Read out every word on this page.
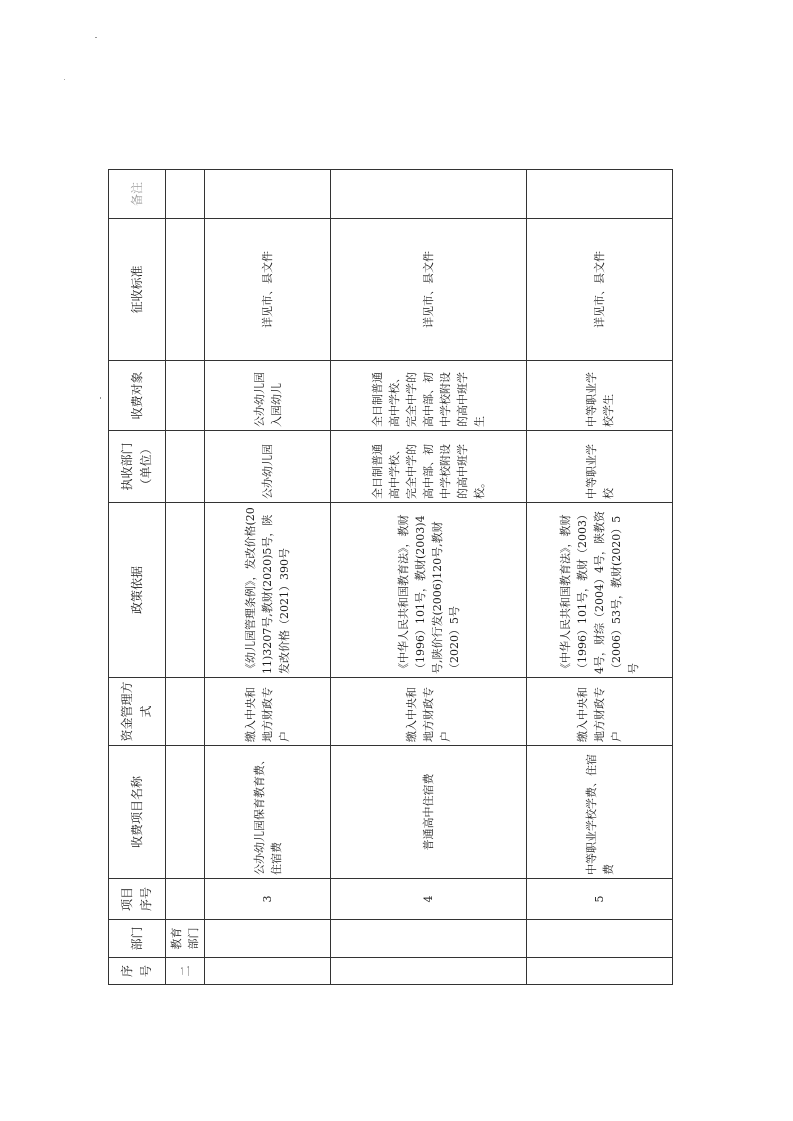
序号	部门	项目序号	收费项目名称	资金管理方式	政策依据	执收部门（单位）	收费对象	征收标准	备注
二	教育部门								
		3	公办幼儿园保育教育费、住宿费	缴入中央和地方财政专户	《幼儿园管理条例》，发改价格(2011)3207号,教财(2020)5号，陕发改价格（2021）390号	公办幼儿园	公办幼儿园入园幼儿	详见市、县文件	
		4	普通高中住宿费	缴入中央和地方财政专户	《中华人民共和国教育法》，教财（1996）101号，教财(2003)4号,陕价行发(2006)120号,教财（2020）5号	全日制普通高中学校、完全中学的高中部、初中学校附设的高中班学校。	全日制普通高中学校、完全中学的高中部、初中学校附设的高中班学生	详见市、县文件	
		5	中等职业学校学费、住宿费	缴入中央和地方财政专户	《中华人民共和国教育法》，教财（1996）101号，教财（2003）4号，财综（2004）4号，陕教资（2006）53号，教财(2020）5号	中等职业学校	中等职业学校学生	详见市、县文件	
